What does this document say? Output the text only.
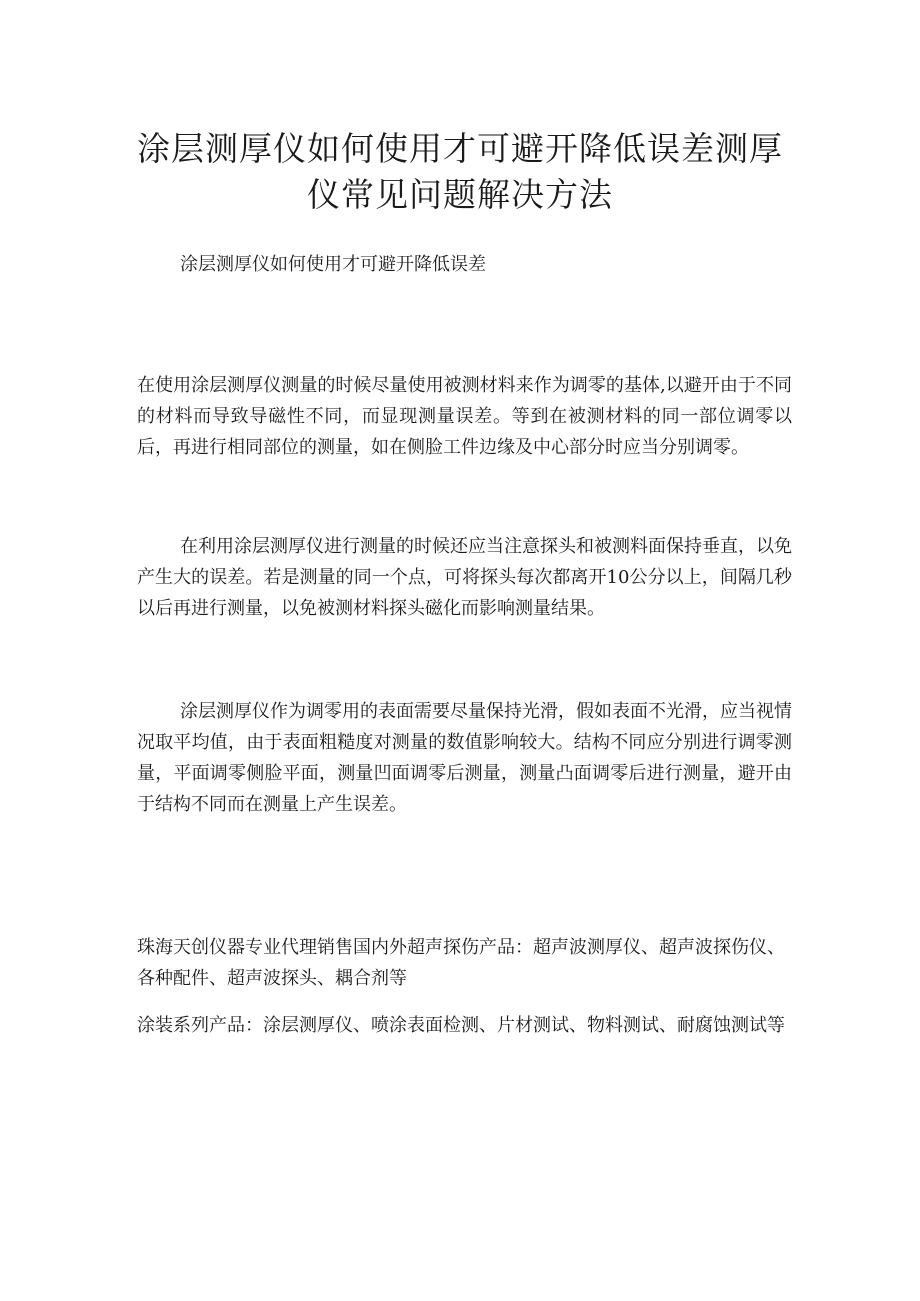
涂层测厚仪如何使用才可避开降低误差测厚
仪常见问题解决方法

涂层测厚仪如何使用才可避开降低误差

在使用涂层测厚仪测量的时候尽量使用被测材料来作为调零的基体,以避开由于不同的材料而导致导磁性不同，而显现测量误差。等到在被测材料的同一部位调零以后，再进行相同部位的测量，如在侧脸工件边缘及中心部分时应当分别调零。

在利用涂层测厚仪进行测量的时候还应当注意探头和被测料面保持垂直，以免产生大的误差。若是测量的同一个点，可将探头每次都离开10公分以上，间隔几秒以后再进行测量，以免被测材料探头磁化而影响测量结果。

涂层测厚仪作为调零用的表面需要尽量保持光滑，假如表面不光滑，应当视情况取平均值，由于表面粗糙度对测量的数值影响较大。结构不同应分别进行调零测量，平面调零侧脸平面，测量凹面调零后测量，测量凸面调零后进行测量，避开由于结构不同而在测量上产生误差。

珠海天创仪器专业代理销售国内外超声探伤产品：超声波测厚仪、超声波探伤仪、各种配件、超声波探头、耦合剂等

涂装系列产品：涂层测厚仪、喷涂表面检测、片材测试、物料测试、耐腐蚀测试等
